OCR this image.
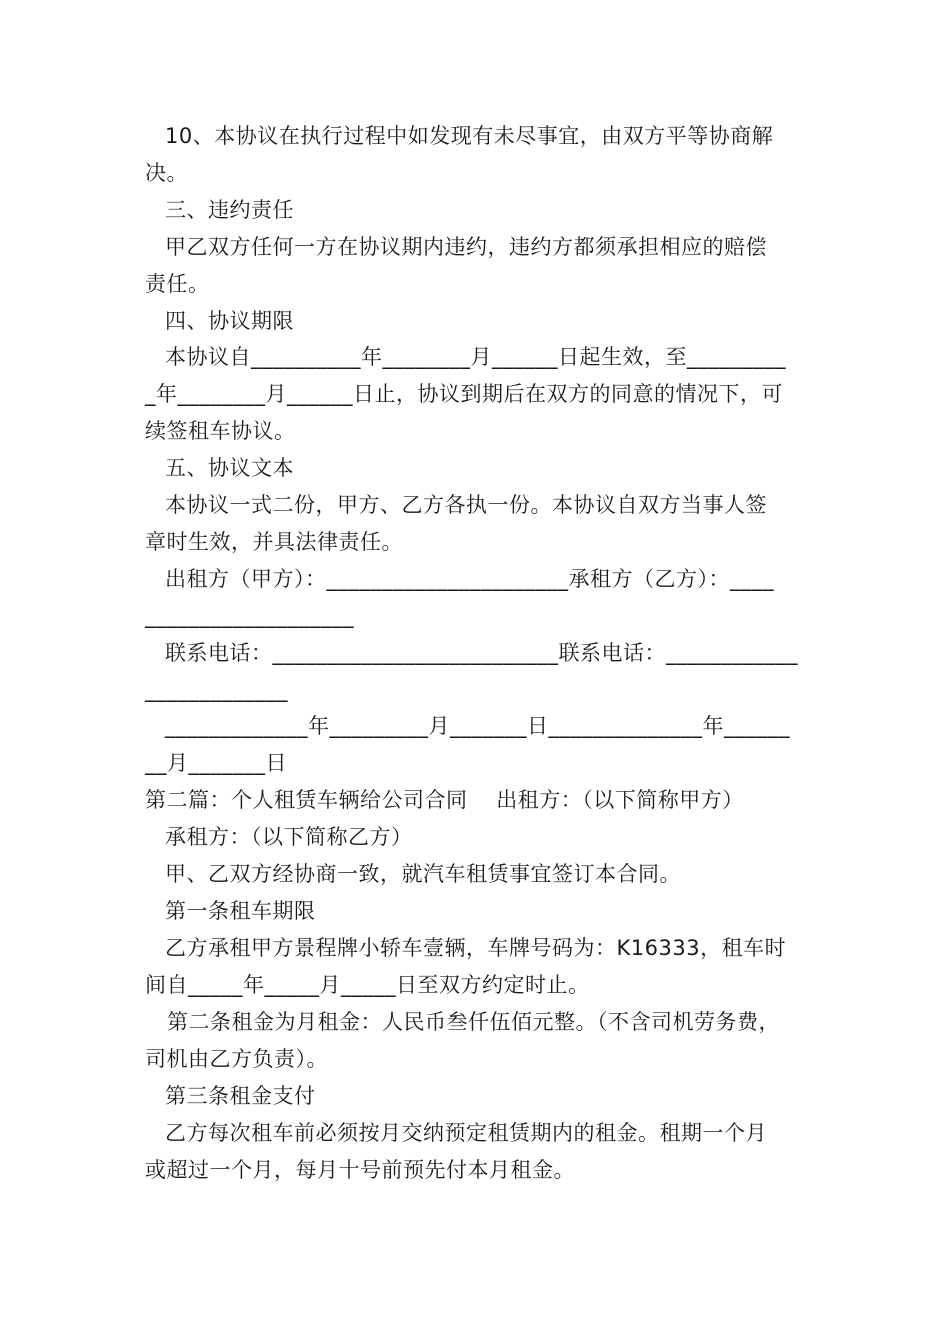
10、本协议在执行过程中如发现有未尽事宜，由双方平等协商解
决。
三、违约责任
甲乙双方任何一方在协议期内违约，违约方都须承担相应的赔偿
责任。
四、协议期限
本协议自__________年________月______日起生效，至_________
_年________月______日止，协议到期后在双方的同意的情况下，可
续签租车协议。
五、协议文本
本协议一式二份，甲方、乙方各执一份。本协议自双方当事人签
章时生效，并具法律责任。
出租方（甲方）：______________________承租方（乙方）：____
___________________
联系电话：__________________________联系电话：____________
_____________
_____________年_________月_______日______________年______
__月_______日
第二篇：个人租赁车辆给公司合同    出租方：（以下简称甲方）
承租方：（以下简称乙方）
甲、乙双方经协商一致，就汽车租赁事宜签订本合同。
第一条租车期限
乙方承租甲方景程牌小轿车壹辆，车牌号码为：K16333，租车时
间自_____年_____月_____日至双方约定时止。
第二条租金为月租金：人民币叁仟伍佰元整。（不含司机劳务费，
司机由乙方负责）。
第三条租金支付
乙方每次租车前必须按月交纳预定租赁期内的租金。租期一个月
或超过一个月，每月十号前预先付本月租金。
